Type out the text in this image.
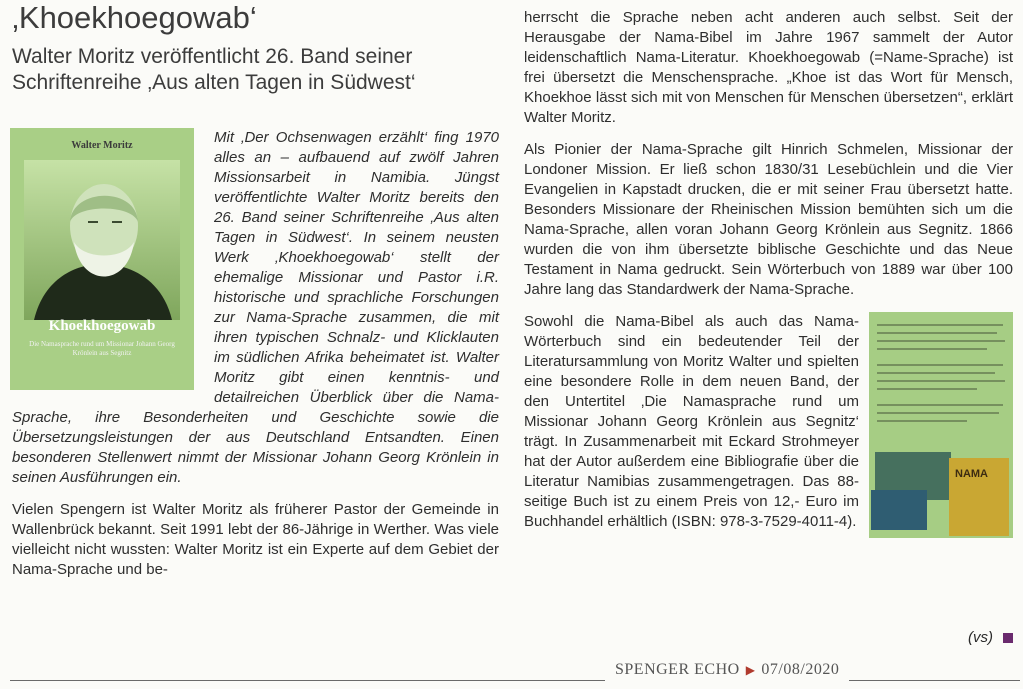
‚Khoekhoegowab‘
Walter Moritz veröffentlicht 26. Band seiner Schriftenreihe ‚Aus alten Tagen in Südwest‘
Walter Moritz
Khoekhoegowab
Die Namasprache rund um Missionar Johann Georg Krönlein aus Segnitz

Mit ‚Der Ochsenwagen erzählt‘ fing 1970 alles an – aufbauend auf zwölf Jahren Missionsarbeit in Namibia. Jüngst veröffentlichte Walter Moritz bereits den 26. Band seiner Schriftenreihe ‚Aus alten Tagen in Südwest‘. In seinem neusten Werk ‚Khoekhoegowab‘ stellt der ehemalige Missionar und Pastor i.R. historische und sprachliche Forschungen zur Nama-Sprache zusammen, die mit ihren typischen Schnalz- und Klicklauten im südlichen Afrika beheimatet ist. Walter Moritz gibt einen kenntnis- und detailreichen Überblick über die Nama-Sprache, ihre Besonderheiten und Geschichte sowie die Übersetzungsleistungen der aus Deutschland Entsandten. Einen besonderen Stellenwert nimmt der Missionar Johann Georg Krönlein in seinen Ausführungen ein.

Vielen Spengern ist Walter Moritz als früherer Pastor der Gemeinde in Wallenbrück bekannt. Seit 1991 lebt der 86-Jährige in Werther. Was viele vielleicht nicht wussten: Walter Moritz ist ein Experte auf dem Gebiet der Nama-Sprache und be-

herrscht die Sprache neben acht anderen auch selbst. Seit der Herausgabe der Nama-Bibel im Jahre 1967 sammelt der Autor leidenschaftlich Nama-Literatur. Khoekhoegowab (=Name-Sprache) ist frei übersetzt die Menschensprache. „Khoe ist das Wort für Mensch, Khoekhoe lässt sich mit von Menschen für Menschen übersetzen“, erklärt Walter Moritz.

Als Pionier der Nama-Sprache gilt Hinrich Schmelen, Missionar der Londoner Mission. Er ließ schon 1830/31 Lesebüchlein und die Vier Evangelien in Kapstadt drucken, die er mit seiner Frau übersetzt hatte. Besonders Missionare der Rheinischen Mission bemühten sich um die Nama-Sprache, allen voran Johann Georg Krönlein aus Segnitz. 1866 wurden die von ihm übersetzte biblische Geschichte und das Neue Testament in Nama gedruckt. Sein Wörterbuch von 1889 war über 100 Jahre lang das Standardwerk der Nama-Sprache.

NAMA
Sowohl die Nama-Bibel als auch das Nama-Wörterbuch sind ein bedeutender Teil der Literatursammlung von Moritz Walter und spielten eine besondere Rolle in dem neuen Band, der den Untertitel ‚Die Namasprache rund um Missionar Johann Georg Krönlein aus Segnitz‘ trägt. In Zusammenarbeit mit Eckard Strohmeyer hat der Autor außerdem eine Bibliografie über die Literatur Namibias zusammengetragen. Das 88-seitige Buch ist zu einem Preis von 12,- Euro im Buchhandel erhältlich (ISBN: 978-3-7529-4011-4).

(vs)
SPENGER ECHO ▶ 07/08/2020
